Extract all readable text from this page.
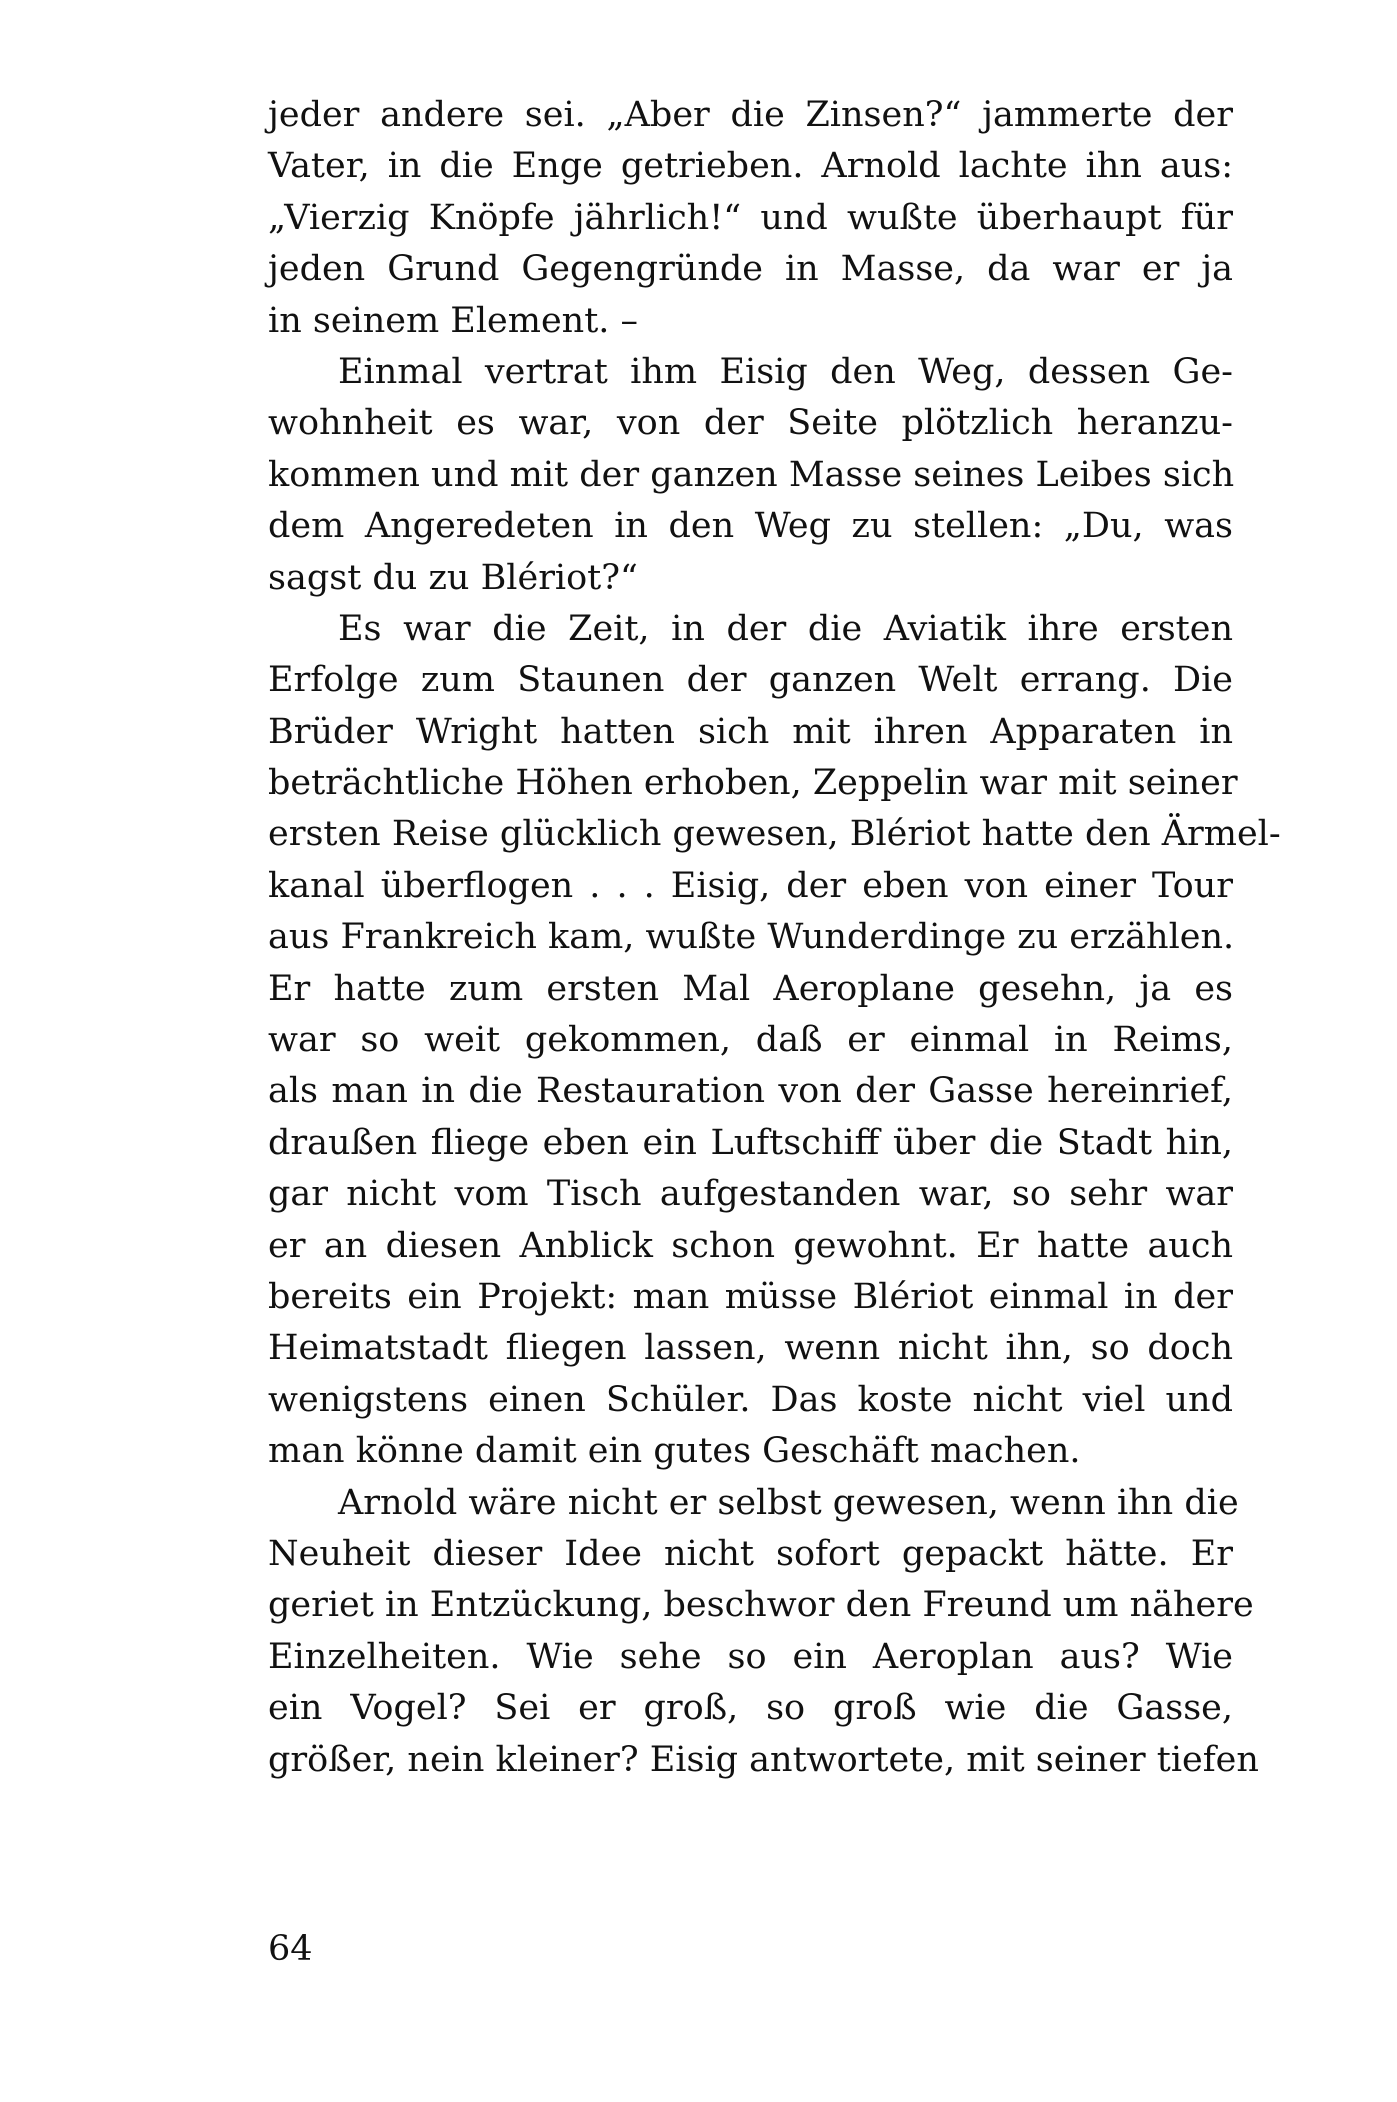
jeder andere sei. „Aber die Zinsen?“ jammerte der
Vater, in die Enge getrieben. Arnold lachte ihn aus:
„Vierzig Knöpfe jährlich!“ und wußte überhaupt für
jeden Grund Gegengründe in Masse, da war er ja
in seinem Element. –
Einmal vertrat ihm Eisig den Weg, dessen Ge-
wohnheit es war, von der Seite plötzlich heranzu-
kommen und mit der ganzen Masse seines Leibes sich
dem Angeredeten in den Weg zu stellen: „Du, was
sagst du zu Blériot?“
Es war die Zeit, in der die Aviatik ihre ersten
Erfolge zum Staunen der ganzen Welt errang. Die
Brüder Wright hatten sich mit ihren Apparaten in
beträchtliche Höhen erhoben, Zeppelin war mit seiner
ersten Reise glücklich gewesen, Blériot hatte den Ärmel-
kanal überflogen . . . Eisig, der eben von einer Tour
aus Frankreich kam, wußte Wunderdinge zu erzählen.
Er hatte zum ersten Mal Aeroplane gesehn, ja es
war so weit gekommen, daß er einmal in Reims,
als man in die Restauration von der Gasse hereinrief,
draußen fliege eben ein Luftschiff über die Stadt hin,
gar nicht vom Tisch aufgestanden war, so sehr war
er an diesen Anblick schon gewohnt. Er hatte auch
bereits ein Projekt: man müsse Blériot einmal in der
Heimatstadt fliegen lassen, wenn nicht ihn, so doch
wenigstens einen Schüler. Das koste nicht viel und
man könne damit ein gutes Geschäft machen.
Arnold wäre nicht er selbst gewesen, wenn ihn die
Neuheit dieser Idee nicht sofort gepackt hätte. Er
geriet in Entzückung, beschwor den Freund um nähere
Einzelheiten. Wie sehe so ein Aeroplan aus? Wie
ein Vogel? Sei er groß, so groß wie die Gasse,
größer, nein kleiner? Eisig antwortete, mit seiner tiefen
64
